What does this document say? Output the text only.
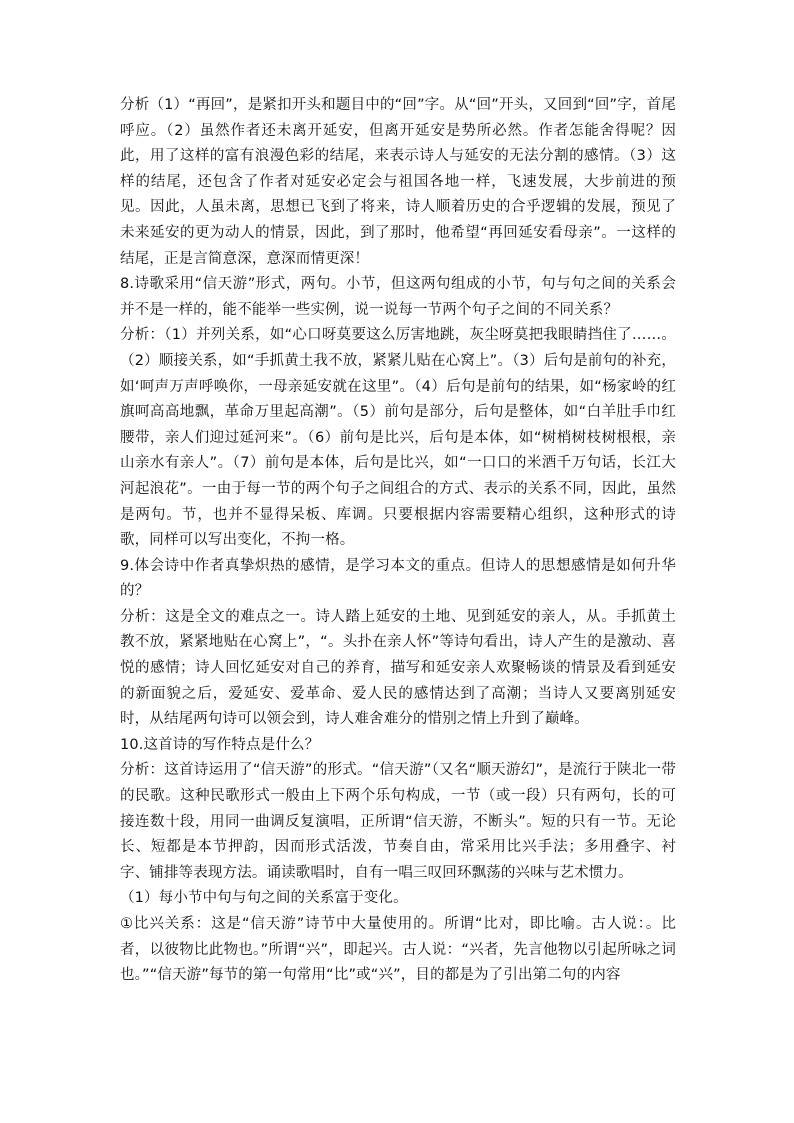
分析（1）“再回”，是紧扣开头和题目中的“回”字。从“回”开头，又回到“回”字，首尾呼应。（2）虽然作者还未离开延安，但离开延安是势所必然。作者怎能舍得呢？因此，用了这样的富有浪漫色彩的结尾，来表示诗人与延安的无法分割的感情。（3）这样的结尾，还包含了作者对延安必定会与祖国各地一样，飞速发展，大步前进的预见。因此，人虽未离，思想已飞到了将来，诗人顺着历史的合乎逻辑的发展，预见了未来延安的更为动人的情景，因此，到了那时，他希望“再回延安看母亲”。一这样的结尾，正是言简意深，意深而情更深！

8.诗歌采用“信天游”形式，两句。小节，但这两句组成的小节，句与句之间的关系会并不是一样的，能不能举一些实例，说一说每一节两个句子之间的不同关系？

分析：（1）并列关系，如“心口呀莫要这么厉害地跳，灰尘呀莫把我眼睛挡住了……。（2）顺接关系，如“手抓黄土我不放，紧紧儿贴在心窝上”。（3）后句是前句的补充，如‘呵声万声呼唤你，一母亲延安就在这里”。（4）后句是前句的结果，如“杨家岭的红旗呵高高地飘，革命万里起高潮”。（5）前句是部分，后句是整体，如“白羊肚手巾红腰带，亲人们迎过延河来”。（6）前句是比兴，后句是本体，如“树梢树枝树根根，亲山亲水有亲人”。（7）前句是本体，后句是比兴，如“一口口的米酒千万句话，长江大河起浪花”。一由于每一节的两个句子之间组合的方式、表示的关系不同，因此，虽然是两句。节，也并不显得呆板、库调。只要根据内容需要精心组织，这种形式的诗歌，同样可以写出变化，不拘一格。

9.体会诗中作者真挚炽热的感情，是学习本文的重点。但诗人的思想感情是如何升华的？

分析：这是全文的难点之一。诗人踏上延安的土地、见到延安的亲人，从。手抓黄土教不放，紧紧地贴在心窝上”，“。头扑在亲人怀”等诗句看出，诗人产生的是激动、喜悦的感情；诗人回忆延安对自己的养育，描写和延安亲人欢聚畅谈的情景及看到延安的新面貌之后，爱延安、爱革命、爱人民的感情达到了高潮；当诗人又要离别延安时，从结尾两句诗可以领会到，诗人难舍难分的惜别之情上升到了巅峰。

10.这首诗的写作特点是什么？

分析：这首诗运用了“信天游”的形式。“信天游”（又名“顺天游幻”，是流行于陕北一带的民歌。这种民歌形式一般由上下两个乐句构成，一节（或一段）只有两句，长的可接连数十段，用同一曲调反复演唱，正所谓“信天游，不断头”。短的只有一节。无论长、短都是本节押韵，因而形式活泼，节奏自由，常采用比兴手法；多用叠字、衬字、铺排等表现方法。诵读歌唱时，自有一唱三叹回环飘荡的兴味与艺术惯力。

（1）每小节中句与句之间的关系富于变化。

①比兴关系：这是“信天游”诗节中大量使用的。所谓“比对，即比喻。古人说：。比者，以彼物比此物也。”所谓“兴”，即起兴。古人说：“兴者，先言他物以引起所咏之词也。”“信天游”每节的第一句常用“比”或“兴”，目的都是为了引出第二句的内容
